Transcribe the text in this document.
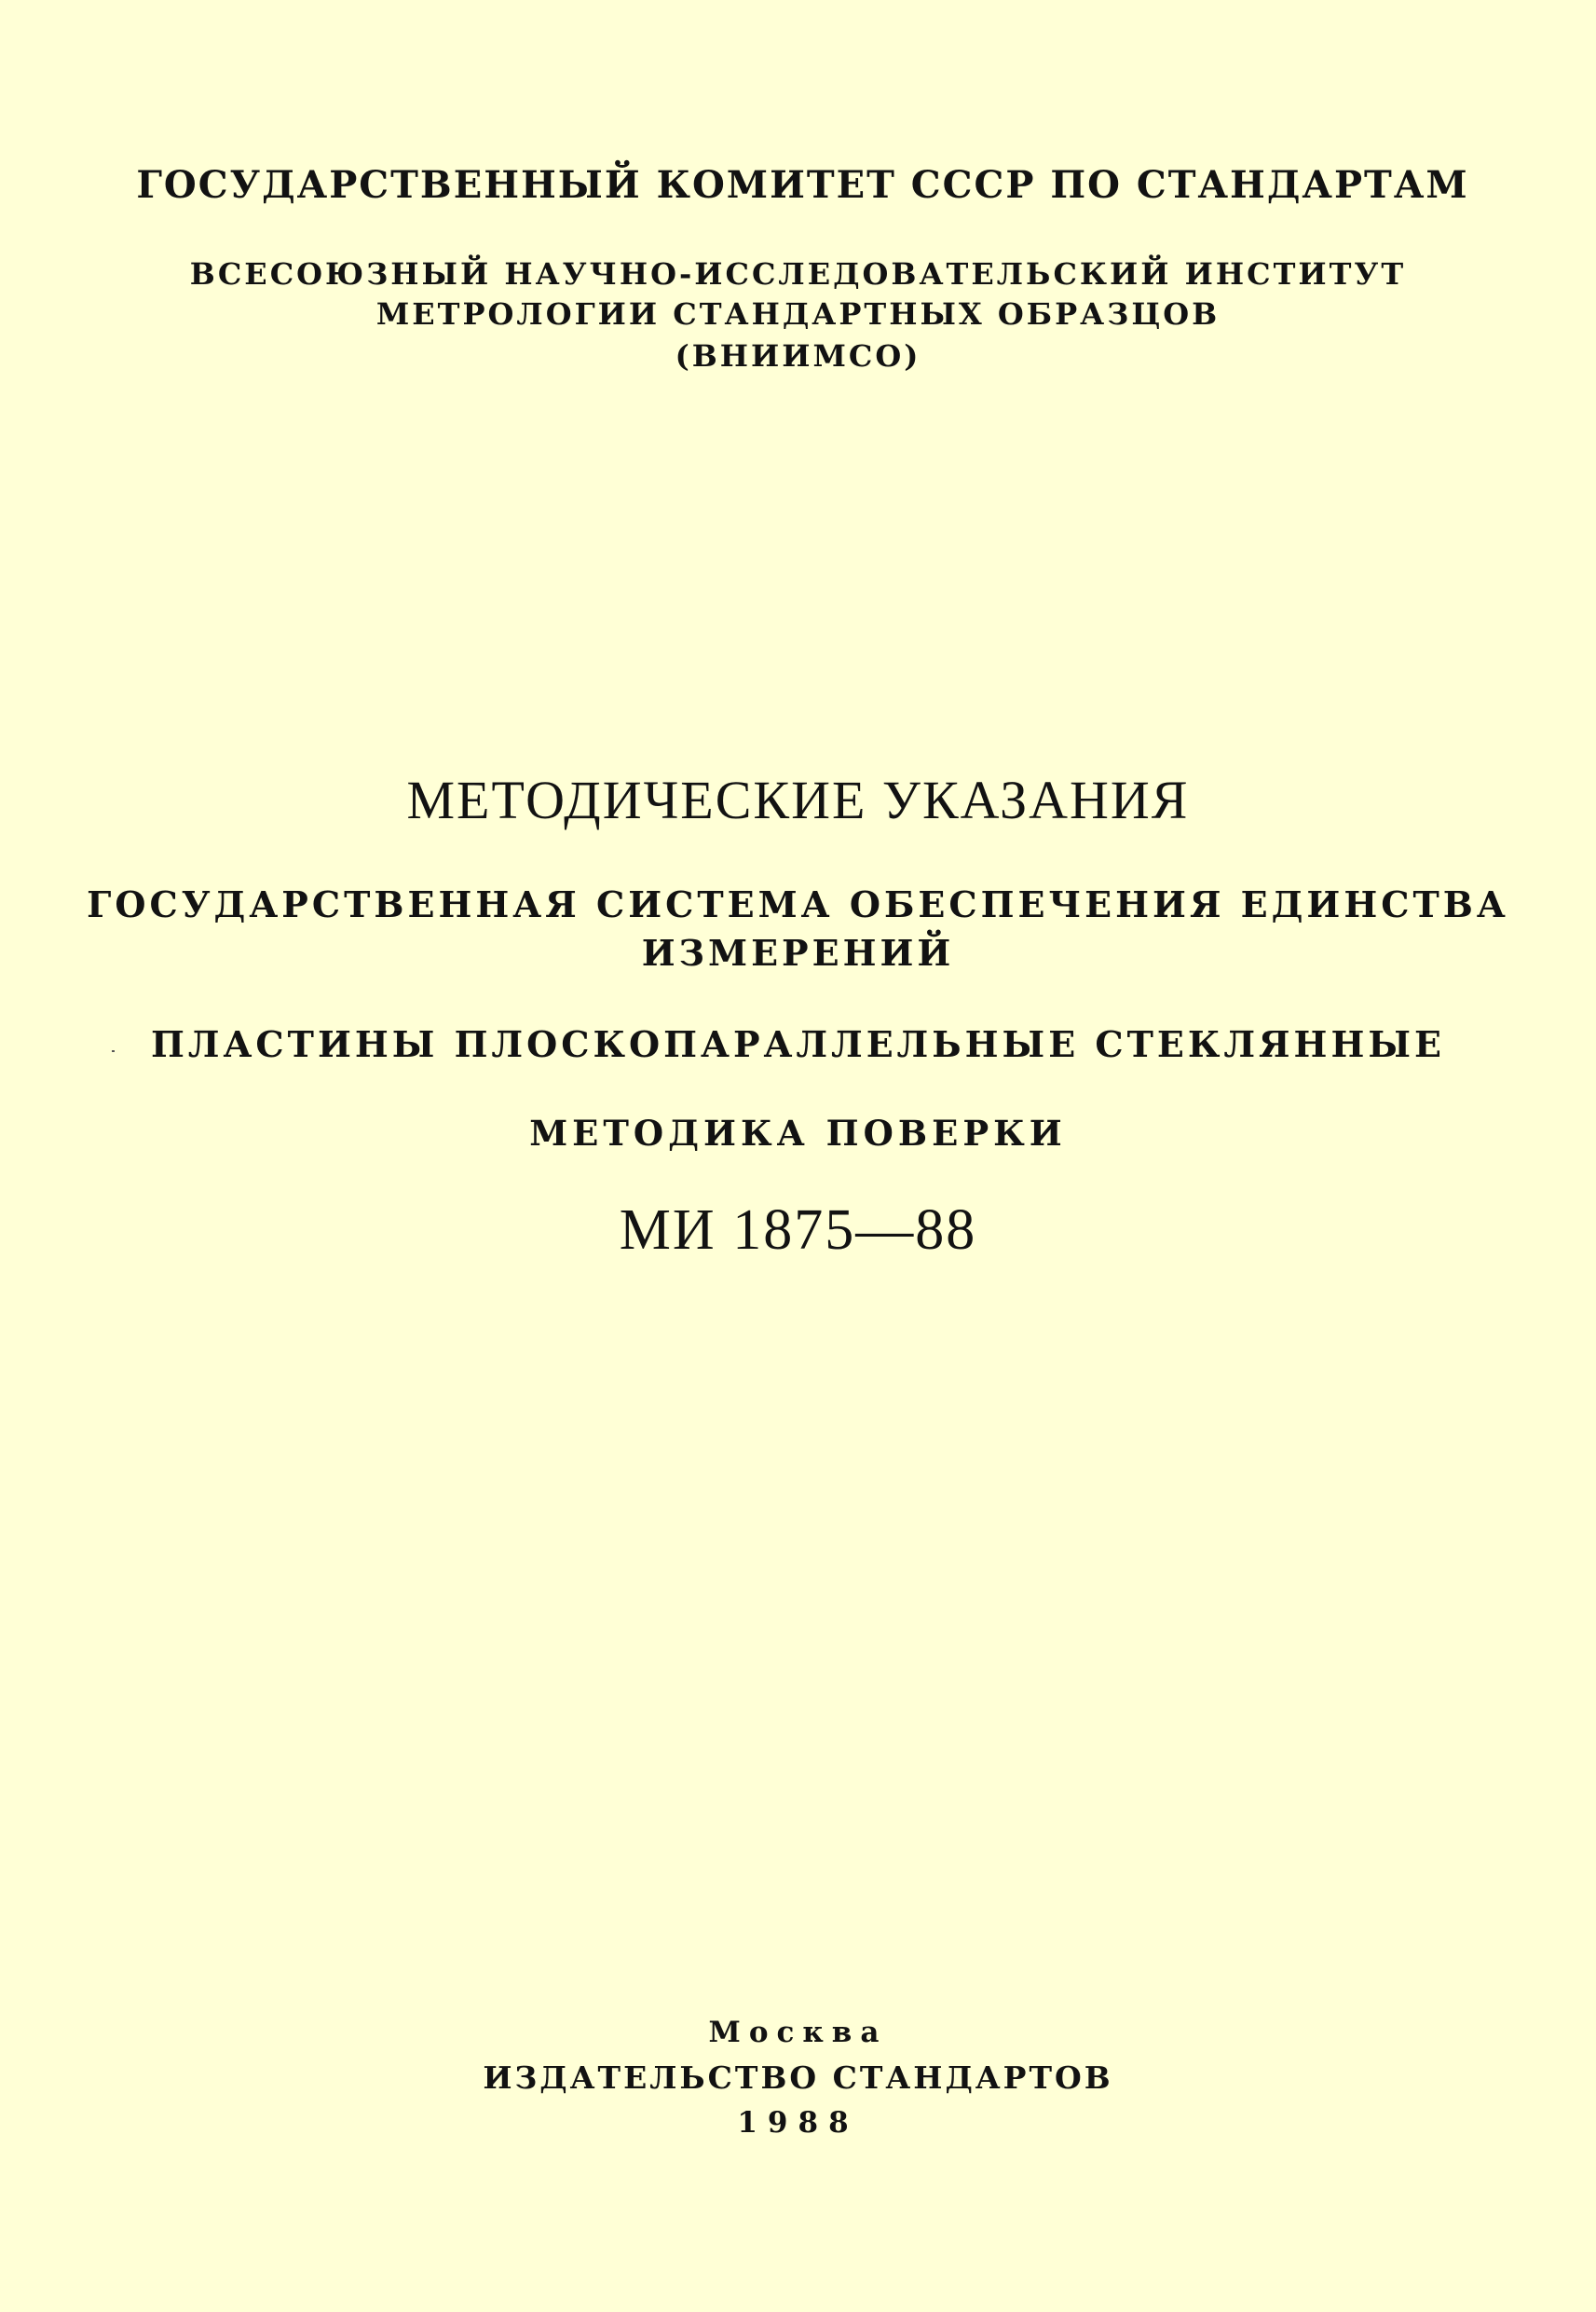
ГОСУДАРСТВЕННЫЙ КОМИТЕТ СССР ПО СТАНДАРТАМ
ВСЕСОЮЗНЫЙ НАУЧНО-ИССЛЕДОВАТЕЛЬСКИЙ ИНСТИТУТ
МЕТРОЛОГИИ СТАНДАРТНЫХ ОБРАЗЦОВ
(ВНИИМСО)
МЕТОДИЧЕСКИЕ УКАЗАНИЯ
ГОСУДАРСТВЕННАЯ СИСТЕМА ОБЕСПЕЧЕНИЯ ЕДИНСТВА
ИЗМЕРЕНИЙ
ПЛАСТИНЫ ПЛОСКОПАРАЛЛЕЛЬНЫЕ СТЕКЛЯННЫЕ
МЕТОДИКА ПОВЕРКИ
МИ 1875—88
Москва
ИЗДАТЕЛЬСТВО СТАНДАРТОВ
1988
